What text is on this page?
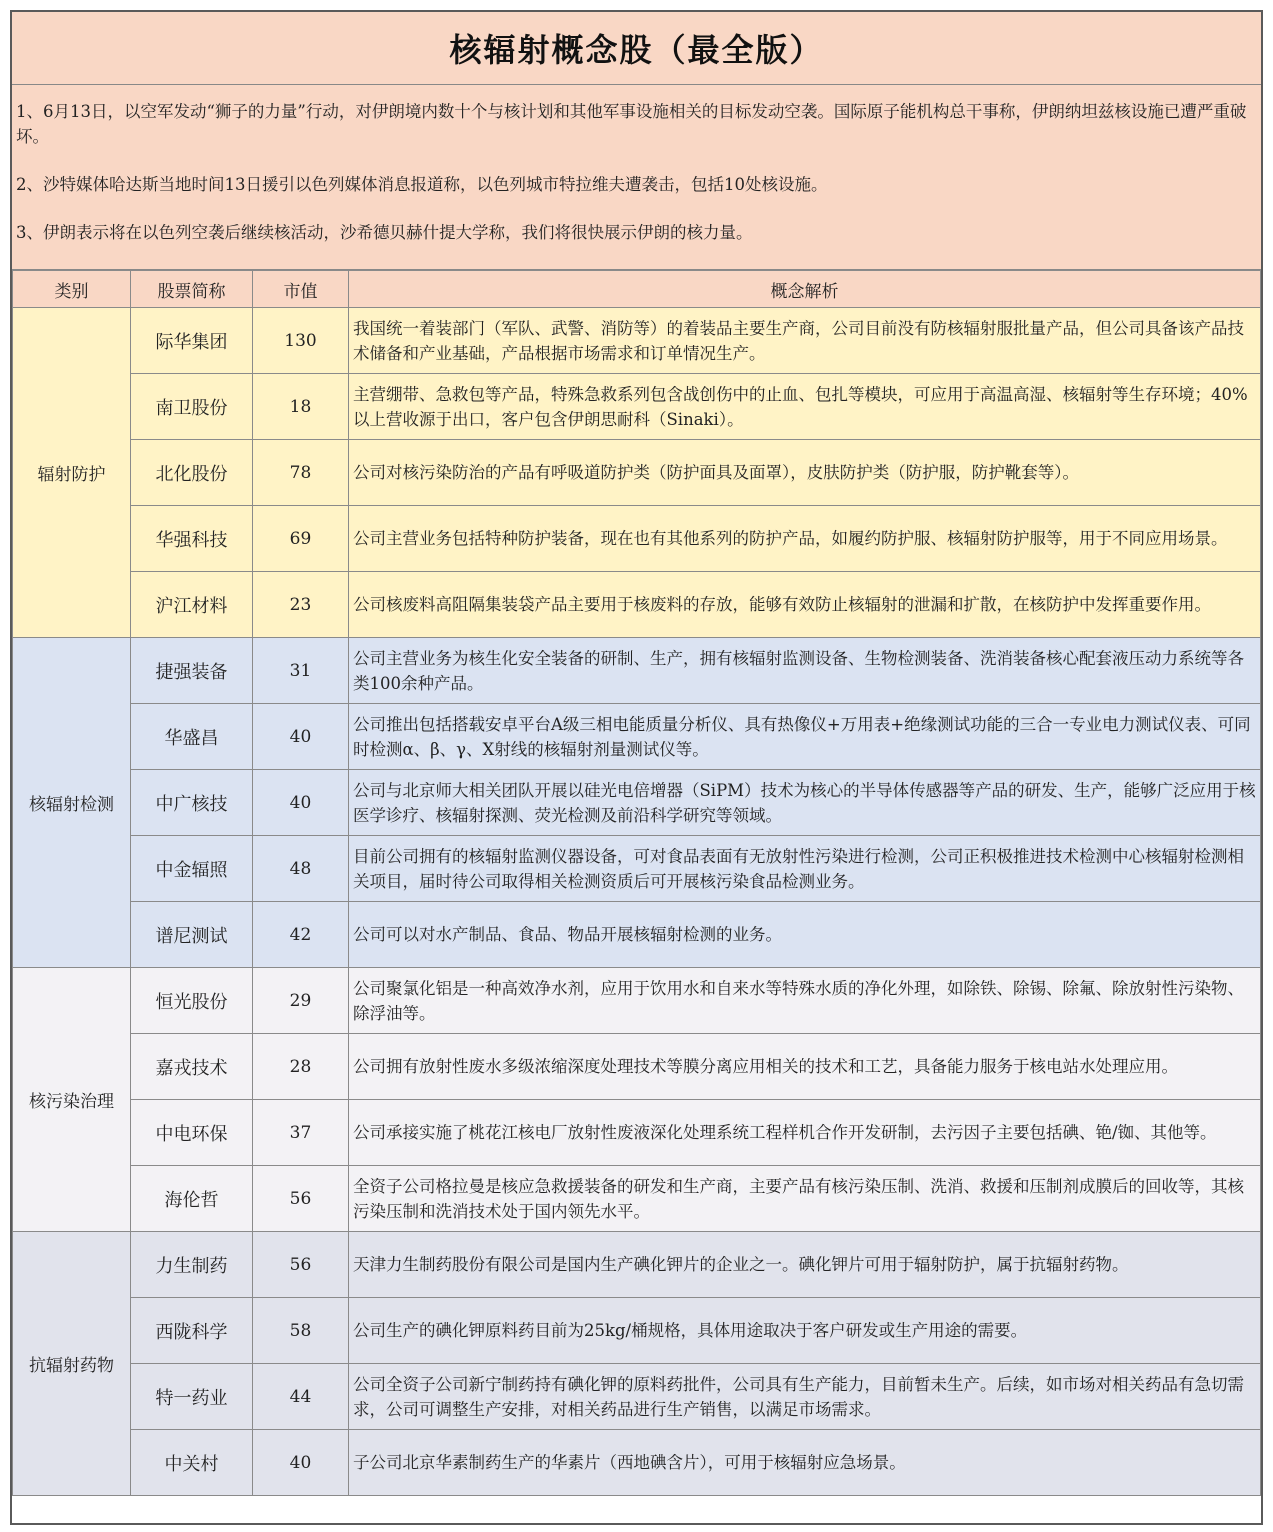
核辐射概念股（最全版）

1、6月13日，以空军发动“狮子的力量”行动，对伊朗境内数十个与核计划和其他军事设施相关的目标发动空袭。国际原子能机构总干事称，伊朗纳坦兹核设施已遭严重破坏。

2、沙特媒体哈达斯当地时间13日援引以色列媒体消息报道称，以色列城市特拉维夫遭袭击，包括10处核设施。

3、伊朗表示将在以色列空袭后继续核活动，沙希德贝赫什提大学称，我们将很快展示伊朗的核力量。

类别	股票简称	市值	概念解析
辐射防护	际华集团	130	我国统一着装部门（军队、武警、消防等）的着装品主要生产商，公司目前没有防核辐射服批量产品，但公司具备该产品技术储备和产业基础，产品根据市场需求和订单情况生产。
	南卫股份	18	主营绷带、急救包等产品，特殊急救系列包含战创伤中的止血、包扎等模块，可应用于高温高湿、核辐射等生存环境；40%以上营收源于出口，客户包含伊朗思耐科（Sinaki）。
	北化股份	78	公司对核污染防治的产品有呼吸道防护类（防护面具及面罩），皮肤防护类（防护服，防护靴套等）。
	华强科技	69	公司主营业务包括特种防护装备，现在也有其他系列的防护产品，如履约防护服、核辐射防护服等，用于不同应用场景。
	沪江材料	23	公司核废料高阻隔集装袋产品主要用于核废料的存放，能够有效防止核辐射的泄漏和扩散，在核防护中发挥重要作用。
核辐射检测	捷强装备	31	公司主营业务为核生化安全装备的研制、生产，拥有核辐射监测设备、生物检测装备、洗消装备核心配套液压动力系统等各类100余种产品。
	华盛昌	40	公司推出包括搭载安卓平台A级三相电能质量分析仪、具有热像仪+万用表+绝缘测试功能的三合一专业电力测试仪表、可同时检测α、β、γ、X射线的核辐射剂量测试仪等。
	中广核技	40	公司与北京师大相关团队开展以硅光电倍增器（SiPM）技术为核心的半导体传感器等产品的研发、生产，能够广泛应用于核医学诊疗、核辐射探测、荧光检测及前沿科学研究等领域。
	中金辐照	48	目前公司拥有的核辐射监测仪器设备，可对食品表面有无放射性污染进行检测，公司正积极推进技术检测中心核辐射检测相关项目，届时待公司取得相关检测资质后可开展核污染食品检测业务。
	谱尼测试	42	公司可以对水产制品、食品、物品开展核辐射检测的业务。
核污染治理	恒光股份	29	公司聚氯化铝是一种高效净水剂，应用于饮用水和自来水等特殊水质的净化外理，如除铁、除锡、除氟、除放射性污染物、除浮油等。
	嘉戎技术	28	公司拥有放射性废水多级浓缩深度处理技术等膜分离应用相关的技术和工艺，具备能力服务于核电站水处理应用。
	中电环保	37	公司承接实施了桃花江核电厂放射性废液深化处理系统工程样机合作开发研制，去污因子主要包括碘、铯/铷、其他等。
	海伦哲	56	全资子公司格拉曼是核应急救援装备的研发和生产商，主要产品有核污染压制、洗消、救援和压制剂成膜后的回收等，其核污染压制和洗消技术处于国内领先水平。
抗辐射药物	力生制药	56	天津力生制药股份有限公司是国内生产碘化钾片的企业之一。碘化钾片可用于辐射防护，属于抗辐射药物。
	西陇科学	58	公司生产的碘化钾原料药目前为25kg/桶规格，具体用途取决于客户研发或生产用途的需要。
	特一药业	44	公司全资子公司新宁制药持有碘化钾的原料药批件，公司具有生产能力，目前暂未生产。后续，如市场对相关药品有急切需求，公司可调整生产安排，对相关药品进行生产销售，以满足市场需求。
	中关村	40	子公司北京华素制药生产的华素片（西地碘含片），可用于核辐射应急场景。
